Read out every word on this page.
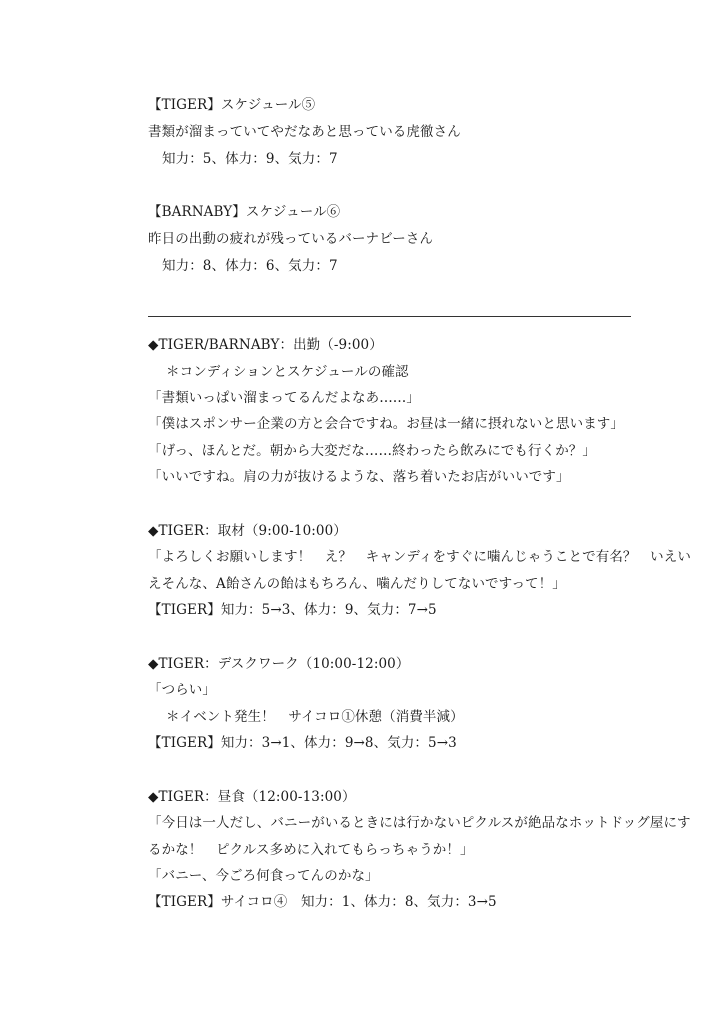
【TIGER】スケジュール⑤
書類が溜まっていてやだなあと思っている虎徹さん
知力：5、体力：9、気力：7
【BARNABY】スケジュール⑥
昨日の出動の疲れが残っているバーナビーさん
知力：8、体力：6、気力：7
◆TIGER/BARNABY：出勤（-9:00）
＊コンディションとスケジュールの確認
「書類いっぱい溜まってるんだよなあ……」
「僕はスポンサー企業の方と会合ですね。お昼は一緒に摂れないと思います」
「げっ、ほんとだ。朝から大変だな……終わったら飲みにでも行くか？」
「いいですね。肩の力が抜けるような、落ち着いたお店がいいです」
◆TIGER：取材（9:00-10:00）
「よろしくお願いします！　え？　キャンディをすぐに噛んじゃうことで有名？　いえい
えそんな、A飴さんの飴はもちろん、噛んだりしてないですって！」
【TIGER】知力：5→3、体力：9、気力：7→5
◆TIGER：デスクワーク（10:00-12:00）
「つらい」
＊イベント発生！　サイコロ①休憩（消費半減）
【TIGER】知力：3→1、体力：9→8、気力：5→3
◆TIGER：昼食（12:00-13:00）
「今日は一人だし、バニーがいるときには行かないピクルスが絶品なホットドッグ屋にす
るかな！　ピクルス多めに入れてもらっちゃうか！」
「バニー、今ごろ何食ってんのかな」
【TIGER】サイコロ④　知力：1、体力：8、気力：3→5
